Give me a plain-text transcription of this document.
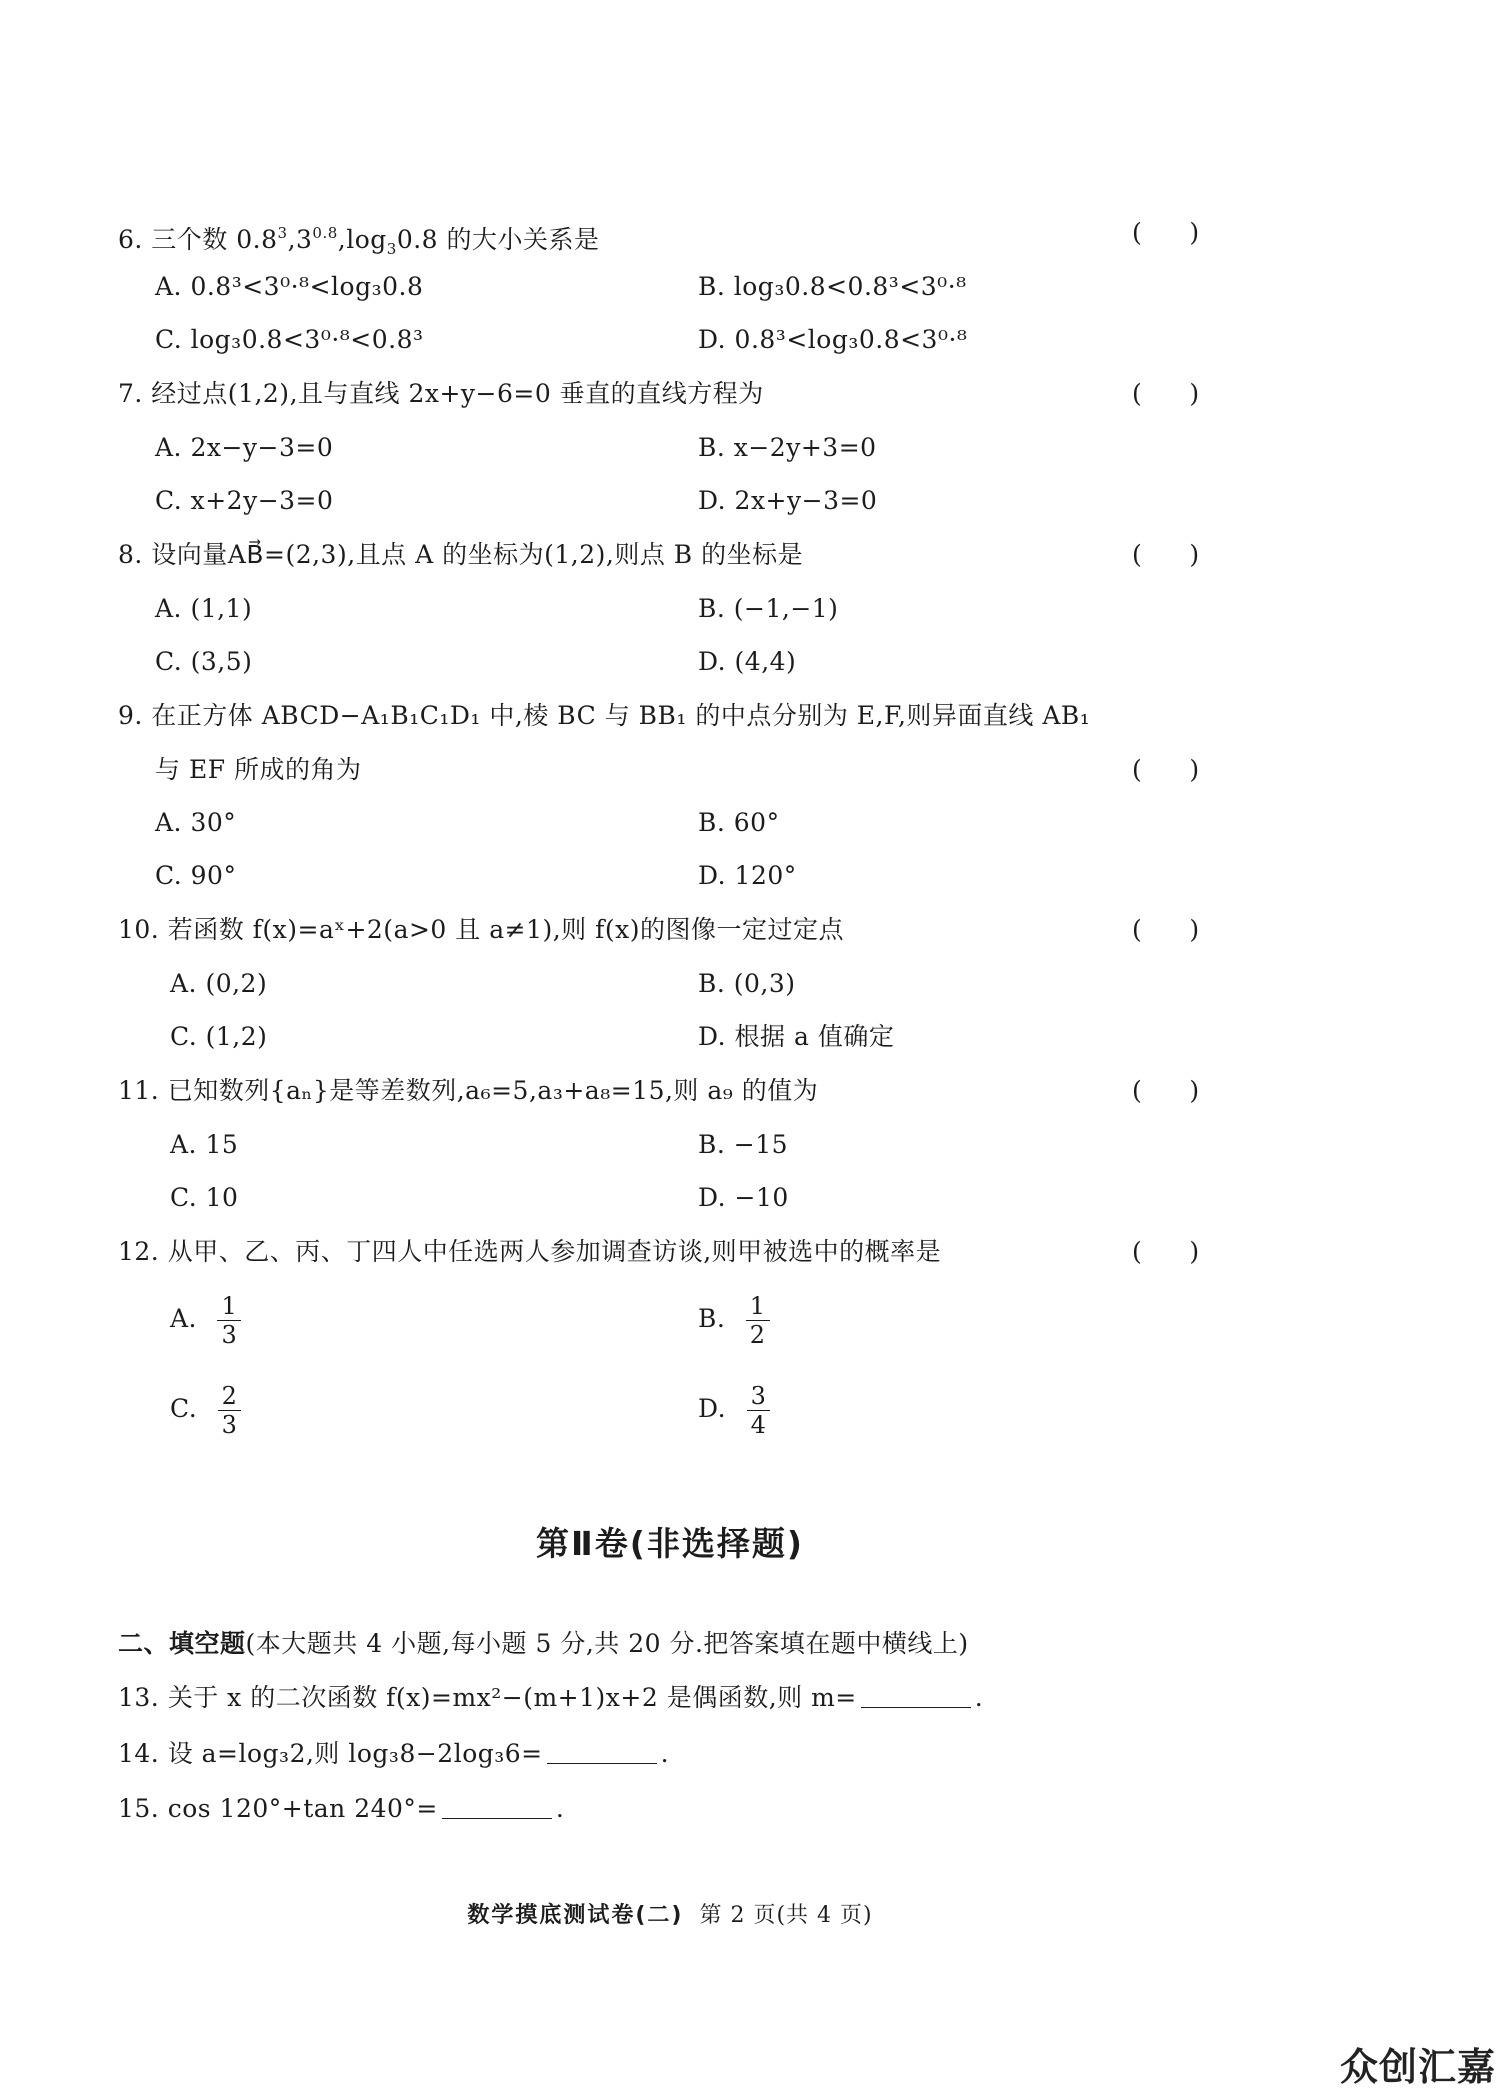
6. 三个数 $0.8^3,3^{0.8},\log_30.8$ 的大小关系是	(      )
A. 0.8³<3⁰·⁸<log₃0.8	B. log₃0.8<0.8³<3⁰·⁸
C. log₃0.8<3⁰·⁸<0.8³	D. 0.8³<log₃0.8<3⁰·⁸
7. 经过点(1,2),且与直线 2x+y−6=0 垂直的直线方程为	(      )
A. 2x−y−3=0	B. x−2y+3=0
C. x+2y−3=0	D. 2x+y−3=0
8. 设向量AB⃗=(2,3),且点 A 的坐标为(1,2),则点 B 的坐标是	(      )
A. (1,1)	B. (−1,−1)
C. (3,5)	D. (4,4)
9. 在正方体 ABCD−A₁B₁C₁D₁ 中,棱 BC 与 BB₁ 的中点分别为 E,F,则异面直线 AB₁
与 EF 所成的角为	(      )
A. 30°	B. 60°
C. 90°	D. 120°
10. 若函数 f(x)=aˣ+2(a>0 且 a≠1),则 f(x)的图像一定过定点	(      )
A. (0,2)	B. (0,3)
C. (1,2)	D. 根据 a 值确定
11. 已知数列{aₙ}是等差数列,a₆=5,a₃+a₈=15,则 a₉ 的值为	(      )
A. 15	B. −15
C. 10	D. −10
12. 从甲、乙、丙、丁四人中任选两人参加调查访谈,则甲被选中的概率是	(      )
A. $\frac{1}{3}$	B. $\frac{1}{2}$
C. $\frac{2}{3}$	D. $\frac{3}{4}$
第Ⅱ卷(非选择题)
二、填空题(本大题共 4 小题,每小题 5 分,共 20 分.把答案填在题中横线上)
13. 关于 x 的二次函数 f(x)=mx²−(m+1)x+2 是偶函数,则 m=	.
14. 设 a=log₃2,则 log₃8−2log₃6=	.
15. cos 120°+tan 240°=	.
数学摸底测试卷(二) 第 2 页(共 4 页)
众创汇嘉
